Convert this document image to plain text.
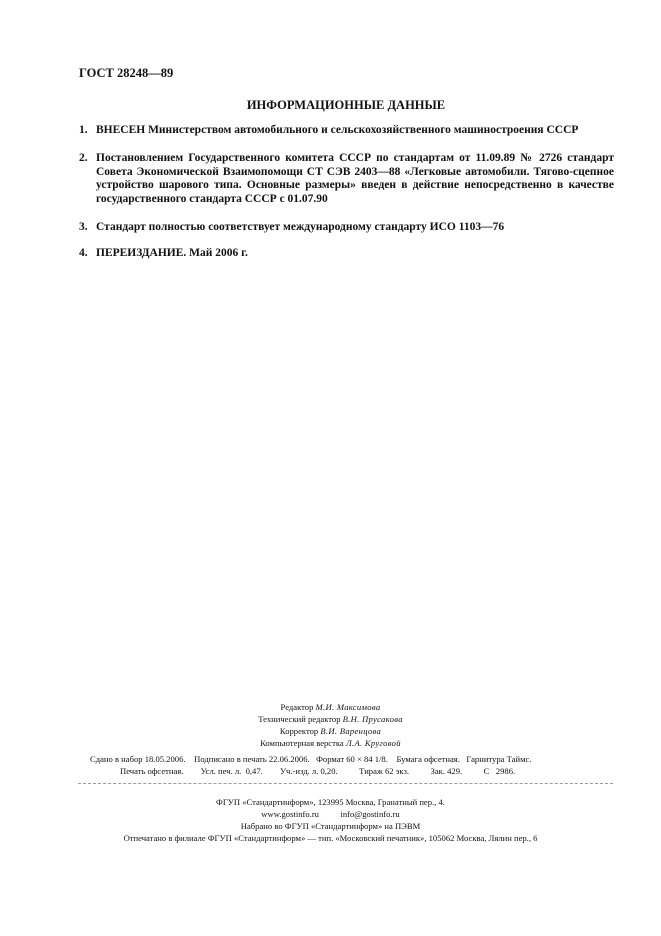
ГОСТ 28248—89
ИНФОРМАЦИОННЫЕ ДАННЫЕ
1. ВНЕСЕН Министерством автомобильного и сельскохозяйственного машиностроения СССР
2. Постановлением Государственного комитета СССР по стандартам от 11.09.89 № 2726 стандарт Совета Экономической Взаимопомощи СТ СЭВ 2403—88 «Легковые автомобили. Тягово-сцепное устройство шарового типа. Основные размеры» введен в действие непосредственно в качестве государственного стандарта СССР с 01.07.90
3. Стандарт полностью соответствует международному стандарту ИСО 1103—76
4. ПЕРЕИЗДАНИЕ. Май 2006 г.
Редактор М.И. Максимова
Технический редактор В.Н. Прусакова
Корректор В.И. Варенцова
Компьютерная верстка Л.А. Круговой
Сдано в набор 18.05.2006.    Подписано в печать 22.06.2006.   Формат 60 × 84 1/8.    Бумага офсетная.   Гарнитура Таймс.
Печать офсетная.        Усл. печ. л.  0,47.        Уч.-изд. л. 0,20.          Тираж 62 экз.          Зак. 429.          С   2986.
ФГУП «Стандартинформ», 123995 Москва, Гранатный пер., 4.
www.gostinfo.ru info@gostinfo.ru
Набрано во ФГУП «Стандартинформ» на ПЭВМ
Отпечатано в филиале ФГУП «Стандартинформ» — тип. «Московский печатник», 105062 Москва, Лялин пер., 6
